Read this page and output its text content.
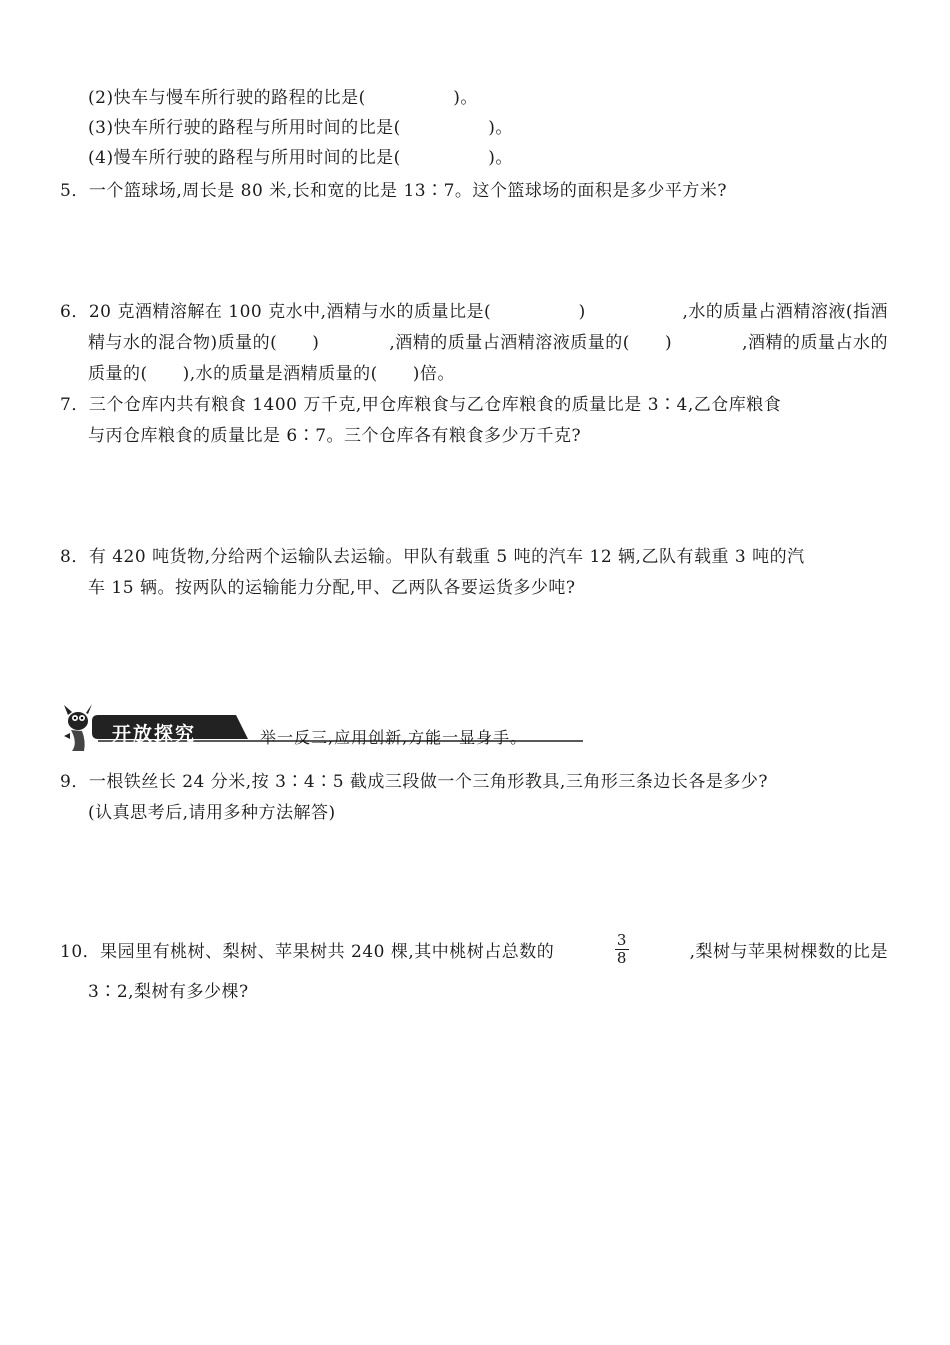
(2)快车与慢车所行驶的路程的比是(　　　　　)。
(3)快车所行驶的路程与所用时间的比是(　　　　　)。
(4)慢车所行驶的路程与所用时间的比是(　　　　　)。
5．一个篮球场,周长是 80 米,长和宽的比是 13∶7。这个篮球场的面积是多少平方米?
6．20 克酒精溶解在 100 克水中,酒精与水的质量比是(　　　　　)	,水的质量占酒精溶液(指酒
精与水的混合物)质量的(　　)	,酒精的质量占酒精溶液质量的(　　)	,酒精的质量占水的
质量的(　　),水的质量是酒精质量的(　　)倍。
7．三个仓库内共有粮食 1400 万千克,甲仓库粮食与乙仓库粮食的质量比是 3∶4,乙仓库粮食
与丙仓库粮食的质量比是 6∶7。三个仓库各有粮食多少万千克?
8．有 420 吨货物,分给两个运输队去运输。甲队有载重 5 吨的汽车 12 辆,乙队有载重 3 吨的汽
车 15 辆。按两队的运输能力分配,甲、乙两队各要运货多少吨?
开放探究	举一反三,应用创新,方能一显身手。
9．一根铁丝长 24 分米,按 3∶4∶5 截成三段做一个三角形教具,三角形三条边长各是多少?
(认真思考后,请用多种方法解答)
10．果园里有桃树、梨树、苹果树共 240 棵,其中桃树占总数的	$\frac{3}{8}$	,梨树与苹果树棵数的比是
3∶2,梨树有多少棵?
